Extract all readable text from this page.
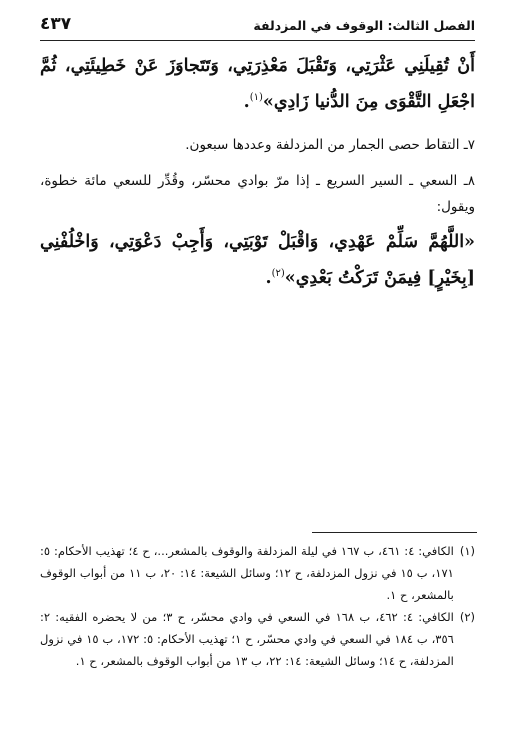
الفصل الثالث: الوقوف في المزدلفة
٤٣٧
أَنْ تُقِيلَنِي عَثْرَتِي، وَتَقْبَلَ مَعْذِرَتِي، وَتَتَجاوَزَ عَنْ خَطِيئَتِي، ثُمَّ اجْعَلِ التَّقْوَى مِنَ الدُّنيا زَادِي»$^{(١)}$.
٧ـ التقاط حصى الجمار من المزدلفة وعددها سبعون.
٨ـ السعي ـ السير السريع ـ إذا مرّ بوادي محسّر، وقُدِّر للسعي مائة خطوة، ويقول:
«اللَّهُمَّ سَلِّمْ عَهْدِي، وَاقْبَلْ تَوْبَتِي، وَأَجِبْ دَعْوَتِي، وَاخْلُفْنِي [بِخَيْرٍ] فِيمَنْ تَرَكْتُ بَعْدِي»$^{(٢)}$.
(١)
الكافي: ٤: ٤٦١، ب ١٦٧ في ليلة المزدلفة والوقوف بالمشعر...، ح ٤؛ تهذيب الأحكام: ٥: ١٧١، ب ١٥ في نزول المزدلفة، ح ١٢؛ وسائل الشيعة: ١٤: ٢٠، ب ١١ من أبواب الوقوف بالمشعر، ح ١.
(٢)
الكافي: ٤: ٤٦٢، ب ١٦٨ في السعي في وادي محسّر، ح ٣؛ من لا يحضره الفقيه: ٢: ٣٥٦، ب ١٨٤ في السعي في وادي محسّر، ح ١؛ تهذيب الأحكام: ٥: ١٧٢، ب ١٥ في نزول المزدلفة، ح ١٤؛ وسائل الشيعة: ١٤: ٢٢، ب ١٣ من أبواب الوقوف بالمشعر، ح ١.
